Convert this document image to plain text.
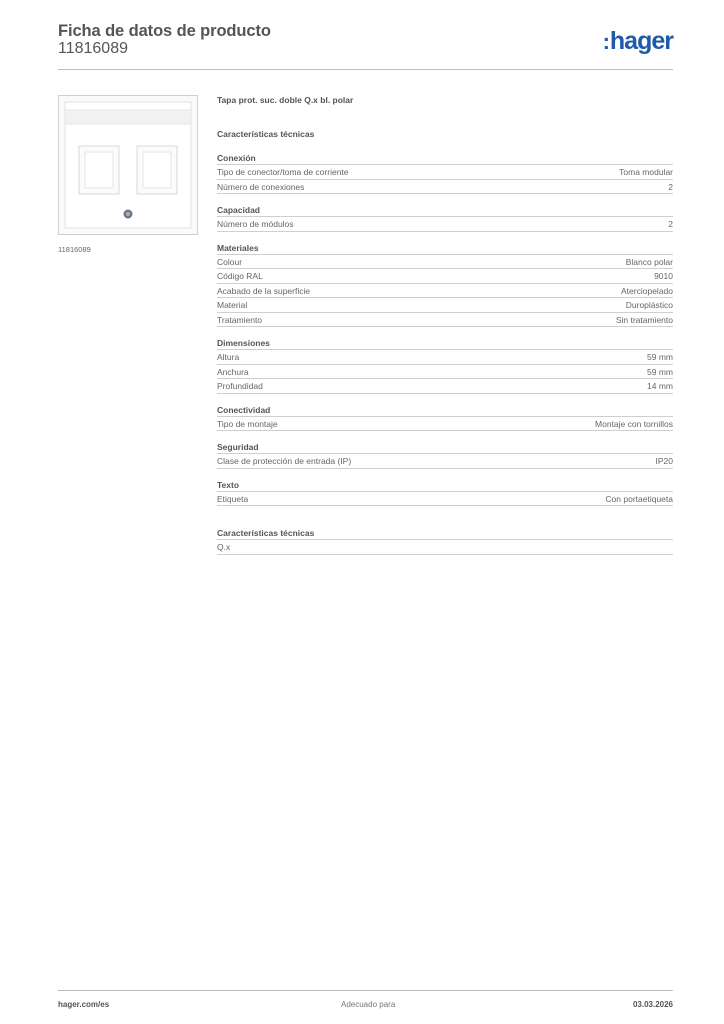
Ficha de datos de producto
11816089	:hager
11816089
Tapa prot. suc. doble Q.x bl. polar
Características técnicas
Conexión
Tipo de conector/toma de corriente	Toma modular
Número de conexiones	2
Capacidad
Número de módulos	2
Materiales
Colour	Blanco polar
Código RAL	9010
Acabado de la superficie	Aterciopelado
Material	Duroplástico
Tratamiento	Sin tratamiento
Dimensiones
Altura	59 mm
Anchura	59 mm
Profundidad	14 mm
Conectividad
Tipo de montaje	Montaje con tornillos
Seguridad
Clase de protección de entrada (IP)	IP20
Texto
Etiqueta	Con portaetiqueta
Características técnicas
Q.x
hager.com/es	Adecuado para	03.03.2026
